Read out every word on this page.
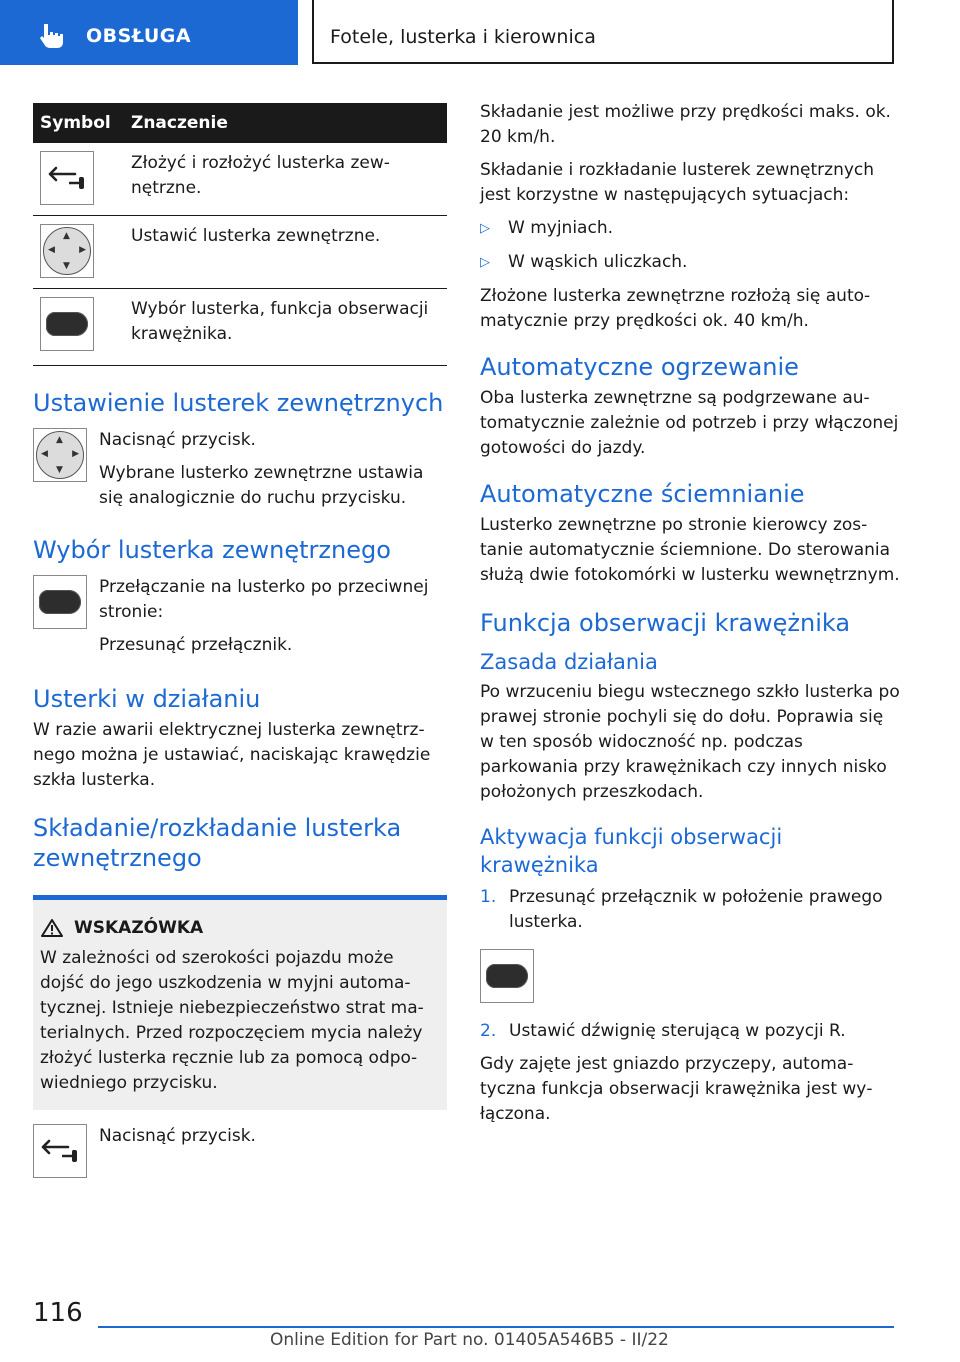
OBSŁUGA	Fotele, lusterka i kierownica
Symbol	Znaczenie

	Złożyć i rozłożyć lusterka zewnętrzne.

▲
▼
◀ ▶	Ustawić lusterka zewnętrzne.

	Wybór lusterka, funkcja obserwacji krawężnika.
Ustawienie lusterek zewnętrznych
▲
▼
◀	▶

Nacisnąć przycisk.

Wybrane lusterko zewnętrzne ustawia się analogicznie do ruchu przycisku.

Wybór lusterka zewnętrznego

Przełączanie na lusterko po przeciwnej stronie:

Przesunąć przełącznik.

Usterki w działaniu

W razie awarii elektrycznej lusterka zewnętrznego można je ustawiać, naciskając krawędzie szkła lusterka.

Składanie/rozkładanie lusterka zewnętrznego
WSKAZÓWKA

W zależności od szerokości pojazdu może dojść do jego uszkodzenia w myjni automatycznej. Istnieje niebezpieczeństwo strat materialnych. Przed rozpoczęciem mycia należy złożyć lusterka ręcznie lub za pomocą odpowiedniego przycisku.

Nacisnąć przycisk.

Składanie jest możliwe przy prędkości maks. ok. 20 km/h.

Składanie i rozkładanie lusterek zewnętrznych jest korzystne w następujących sytuacjach:

▷	W myjniach.
▷	W wąskich uliczkach.

Złożone lusterka zewnętrzne rozłożą się automatycznie przy prędkości ok. 40 km/h.

Automatyczne ogrzewanie

Oba lusterka zewnętrzne są podgrzewane automatycznie zależnie od potrzeb i przy włączonej gotowości do jazdy.

Automatyczne ściemnianie

Lusterko zewnętrzne po stronie kierowcy zostanie automatycznie ściemnione. Do sterowania służą dwie fotokomórki w lusterku wewnętrznym.

Funkcja obserwacji krawężnika
Zasada działania

Po wrzuceniu biegu wstecznego szkło lusterka po prawej stronie pochyli się do dołu. Poprawia się w ten sposób widoczność np. podczas parkowania przy krawężnikach czy innych nisko położonych przeszkodach.

Aktywacja funkcji obserwacji krawężnika
1. Przesunąć przełącznik w położenie prawego lusterka.
2. Ustawić dźwignię sterującą w pozycji R.

Gdy zajęte jest gniazdo przyczepy, automatyczna funkcja obserwacji krawężnika jest wyłączona.

116
Online Edition for Part no. 01405A546B5 - II/22
